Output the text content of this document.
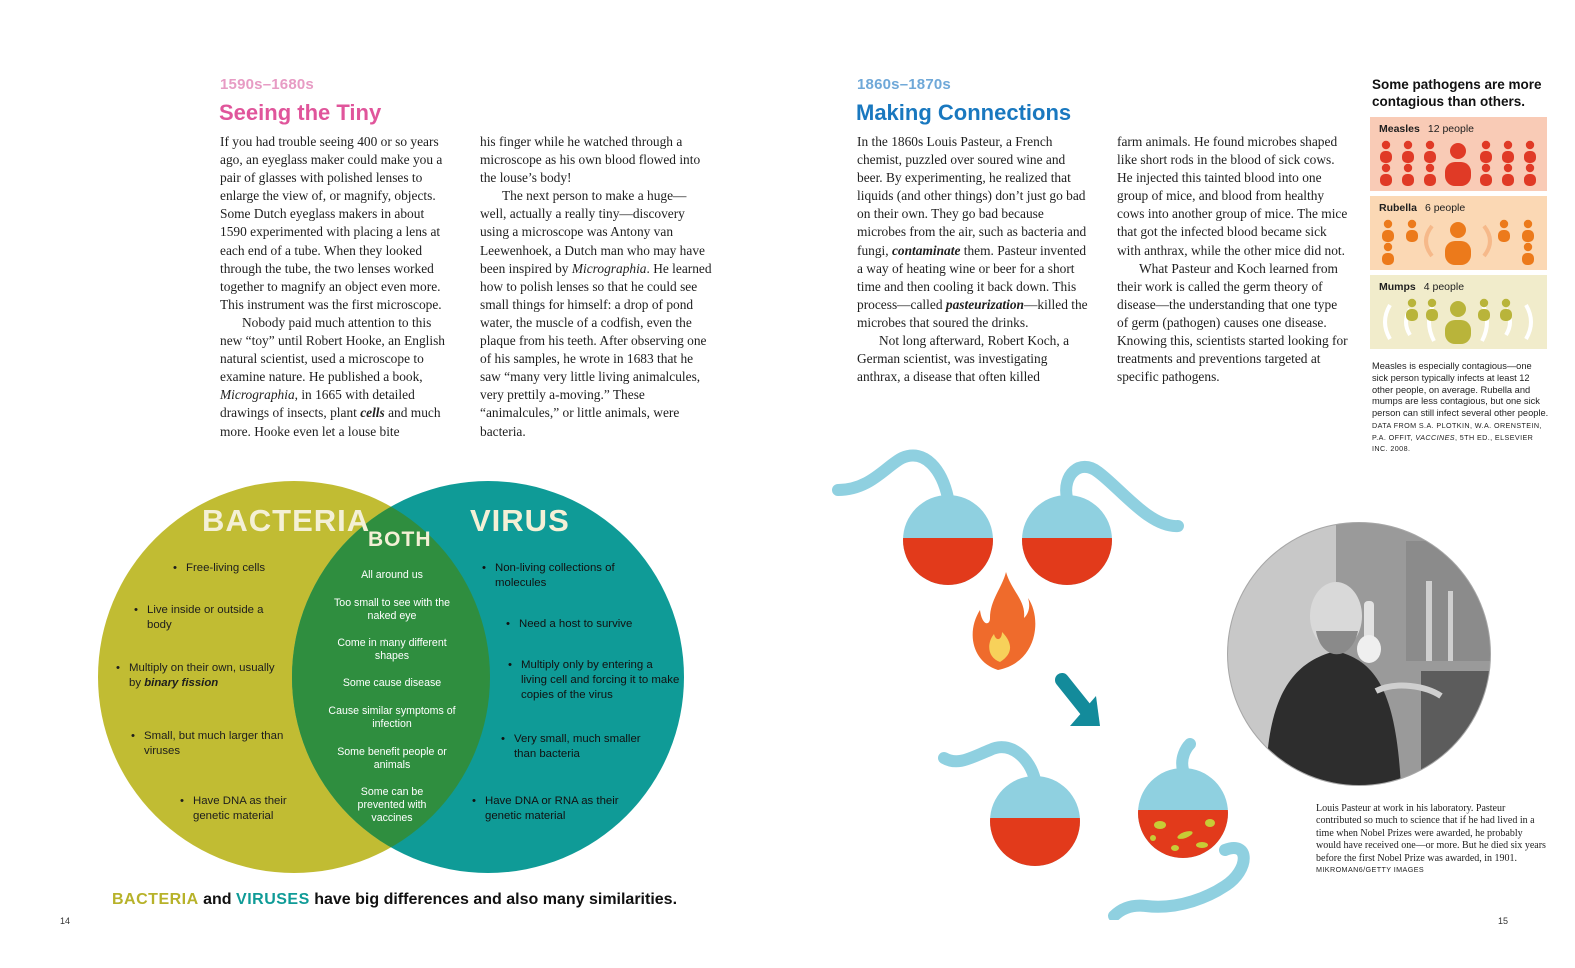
1590s–1680s
Seeing the Tiny

If you had trouble seeing 400 or so years ago, an eyeglass maker could make you a pair of glasses with polished lenses to enlarge the view of, or magnify, objects. Some Dutch eyeglass makers in about 1590 experimented with placing a lens at each end of a tube. When they looked through the tube, the two lenses worked together to magnify an object even more. This instrument was the first microscope.

Nobody paid much attention to this new “toy” until Robert Hooke, an English natural scientist, used a microscope to examine nature. He published a book, Micrographia, in 1665 with detailed drawings of insects, plant cells and much more. Hooke even let a louse bite

his finger while he watched through a microscope as his own blood flowed into the louse’s body!

The next person to make a huge—well, actually a really tiny—discovery using a microscope was Antony van Leewenhoek, a Dutch man who may have been inspired by Micrographia. He learned how to polish lenses so that he could see small things for himself: a drop of pond water, the muscle of a codfish, even the plaque from his teeth. After observing one of his samples, he wrote in 1683 that he saw “many very little living animalcules, very prettily a-moving.” These “animalcules,” or little animals, were bacteria.

BACTERIA
BOTH
VIRUS
• Free-living cells
• Live inside or outside a body
• Multiply on their own, usually by binary fission
• Small, but much larger than viruses
• Have DNA as their genetic material
All around us
Too small to see with the naked eye
Come in many different shapes
Some cause disease
Cause similar symptoms of infection
Some benefit people or animals
Some can be prevented with vaccines
• Non-living collections of molecules
• Need a host to survive
• Multiply only by entering a living cell and forcing it to make copies of the virus
• Very small, much smaller than bacteria
• Have DNA or RNA as their genetic material
BACTERIA and VIRUSES have big differences and also many similarities.
14
1860s–1870s
Making Connections

In the 1860s Louis Pasteur, a French chemist, puzzled over soured wine and beer. By experimenting, he realized that liquids (and other things) don’t just go bad on their own. They go bad because microbes from the air, such as bacteria and fungi, contaminate them. Pasteur invented a way of heating wine or beer for a short time and then cooling it back down. This process—called pasteurization—killed the microbes that soured the drinks.

Not long afterward, Robert Koch, a German scientist, was investigating anthrax, a disease that often killed

farm animals. He found microbes shaped like short rods in the blood of sick cows. He injected this tainted blood into one group of mice, and blood from healthy cows into another group of mice. The mice that got the infected blood became sick with anthrax, while the other mice did not.

What Pasteur and Koch learned from their work is called the germ theory of disease—the understanding that one type of germ (pathogen) causes one disease. Knowing this, scientists started looking for treatments and preventions targeted at specific pathogens.

Some pathogens are more contagious than others.
Measles 12 people
Rubella 6 people
Mumps 4 people
Measles is especially contagious—one sick person typically infects at least 12 other people, on average. Rubella and mumps are less contagious, but one sick person can still infect several other people.
DATA FROM S.A. PLOTKIN, W.A. ORENSTEIN, P.A. OFFIT, VACCINES, 5TH ED., ELSEVIER INC. 2008.
Louis Pasteur at work in his laboratory. Pasteur contributed so much to science that if he had lived in a time when Nobel Prizes were awarded, he probably would have received one—or more. But he died six years before the first Nobel Prize was awarded, in 1901.
MIKROMAN6/GETTY IMAGES
15
